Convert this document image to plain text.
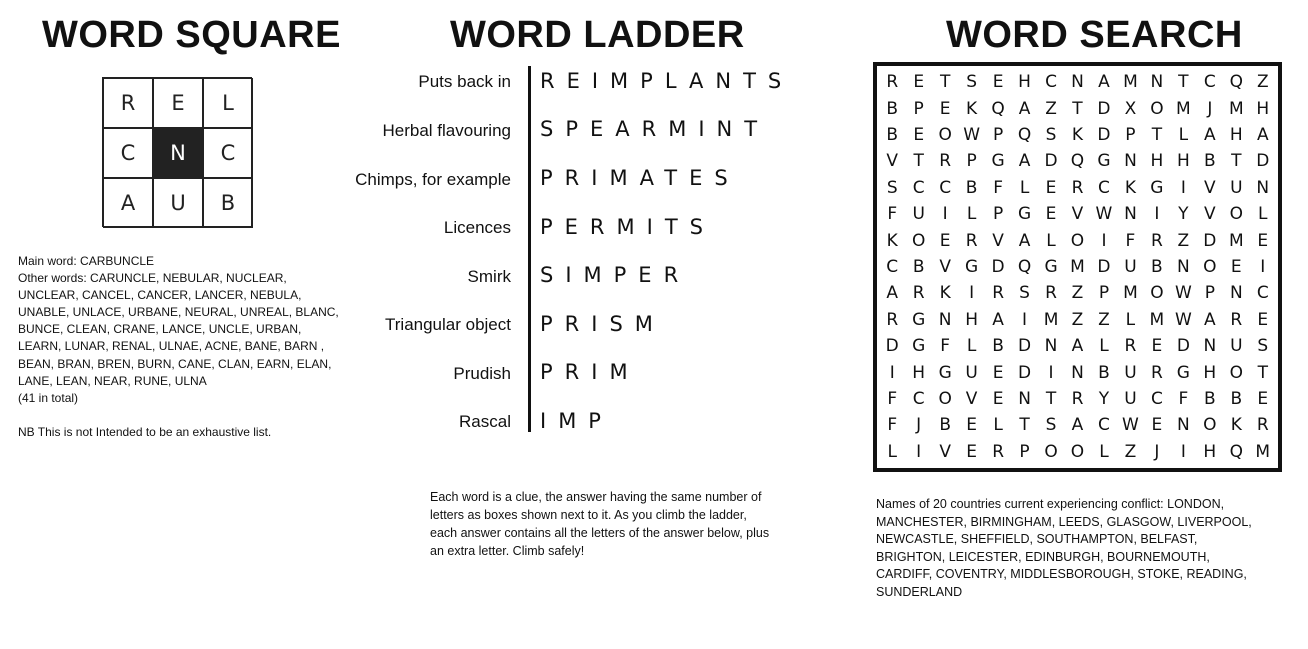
WORD SQUARE
R	E	L
C	N	C
A	U	B

Main word: CARBUNCLE

Other words: CARUNCLE, NEBULAR, NUCLEAR, UNCLEAR, CANCEL, CANCER, LANCER, NEBULA, UNABLE, UNLACE, URBANE, NEURAL, UNREAL, BLANC, BUNCE, CLEAN, CRANE, LANCE, UNCLE, URBAN, LEARN, LUNAR, RENAL, ULNAE, ACNE, BANE, BARN , BEAN, BRAN, BREN, BURN, CANE, CLAN, EARN, ELAN, LANE, LEAN, NEAR, RUNE, ULNA

(41 in total)

NB This is not Intended to be an exhaustive list.

WORD LADDER
Puts back in REIMPLANTS
Herbal flavouring SPEARMINT
Chimps, for example PRIMATES
Licences PERMITS
Smirk SIMPER
Triangular object PRISM
Prudish PRIM
Rascal IMP

Each word is a clue, the answer having the same number of letters as boxes shown next to it. As you climb the ladder, each answer contains all the letters of the answer below, plus an extra letter. Climb safely!

WORD SEARCH
R E T S E H C N A M N T C Q Z
B P E K Q A Z T D X O M J M H
B E O W P Q S K D P T L A H A
V T R P G A D Q G N H H B T D
S C C B F L E R C K G	I	V U N
F U	I	L P G E V W N	I	Y V O L
K O E R V A L O	I	F R Z D M E
C B V G D Q G M D U B N O E	I
A R K	I	R S R Z P M O W P N C
R G N H A	I M Z Z L M W A R E
D G F L B D N A L R E D N U S
I	H G U E D	I	N B U R G H O T
F C O V E N T R Y U C F B B E
F	J	B E L T S A C W E N O K R
L	I	V E R P O O L Z	J	I	H Q M

Names of 20 countries current experiencing conflict: LONDON, MANCHESTER, BIRMINGHAM, LEEDS, GLASGOW, LIVERPOOL, NEWCASTLE, SHEFFIELD, SOUTHAMPTON, BELFAST, BRIGHTON, LEICESTER, EDINBURGH, BOURNEMOUTH, CARDIFF, COVENTRY, MIDDLESBOROUGH, STOKE, READING, SUNDERLAND
